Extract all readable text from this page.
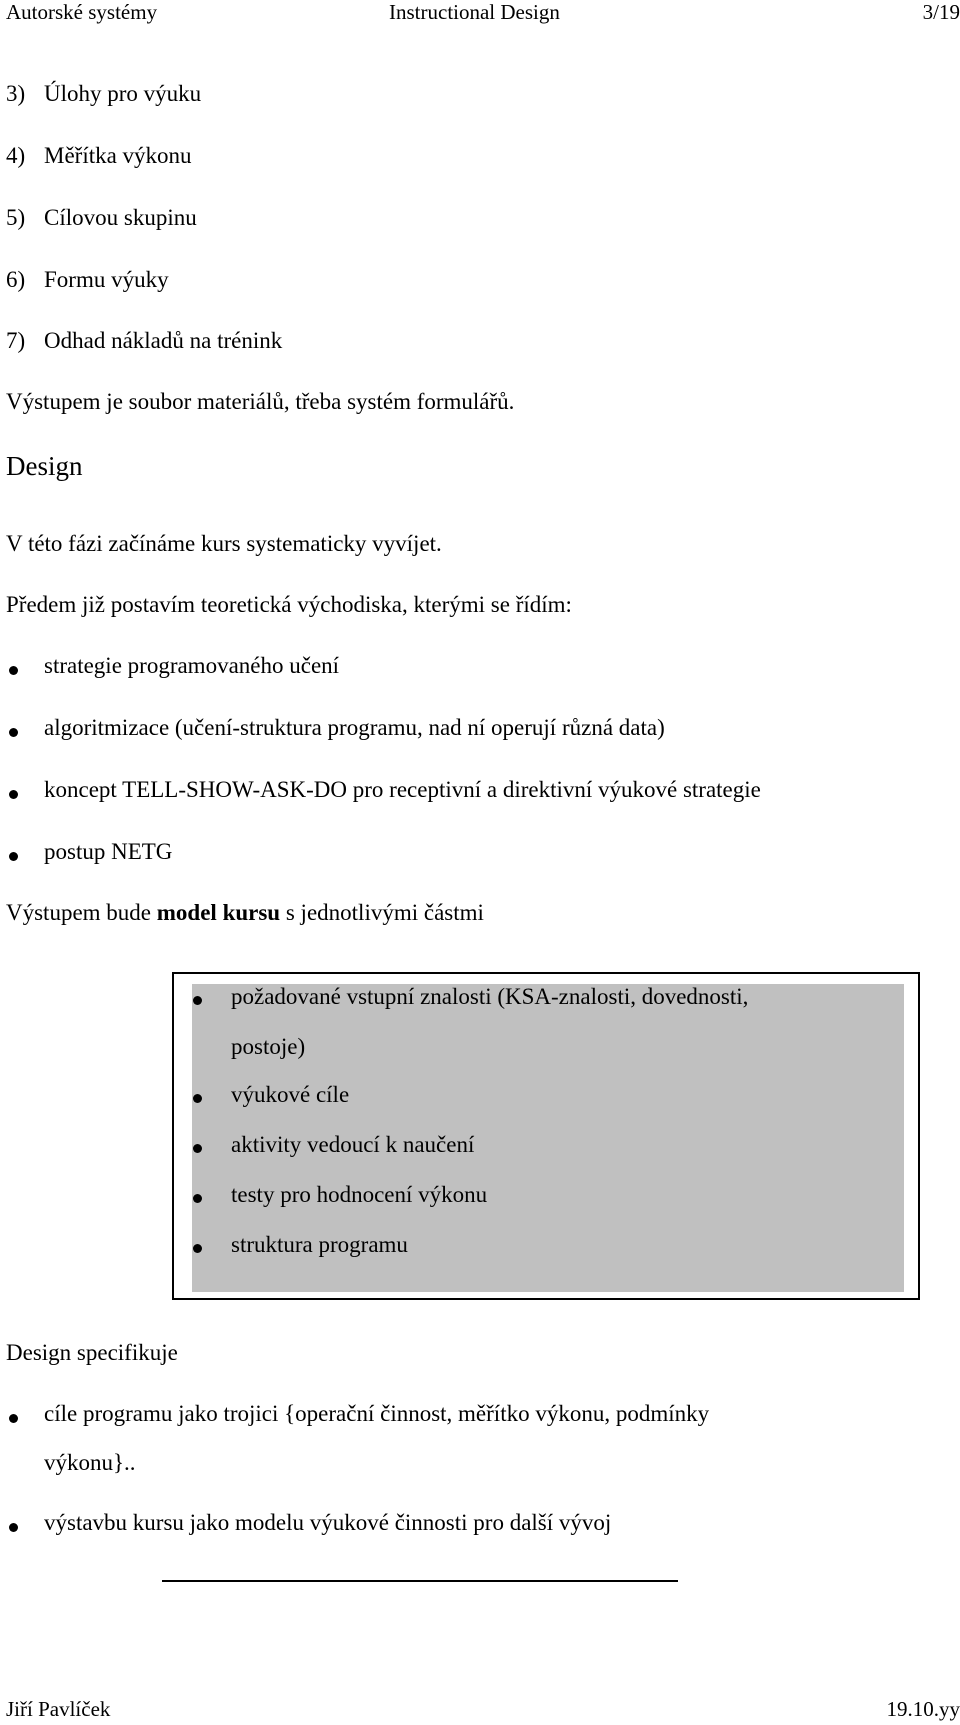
Autorské systémy	Instructional Design	3/19
3) Úlohy pro výuku
4) Měřítka výkonu
5) Cílovou skupinu
6) Formu výuky
7) Odhad nákladů na trénink
Výstupem je soubor materiálů, třeba systém formulářů.
Design
V této fázi začínáme kurs systematicky vyvíjet.
Předem již postavím teoretická východiska, kterými se řídím:
strategie programovaného učení
algoritmizace (učení-struktura programu, nad ní operují různá data)
koncept TELL-SHOW-ASK-DO pro receptivní a direktivní výukové strategie
postup NETG
Výstupem bude model kursu s jednotlivými částmi
požadované vstupní znalosti (KSA-znalosti, dovednosti,
postoje)
výukové cíle
aktivity vedoucí k naučení
testy pro hodnocení výkonu
struktura programu
Design specifikuje
cíle programu jako trojici {operační činnost, měřítko výkonu, podmínky
výkonu}..
výstavbu kursu jako modelu výukové činnosti pro další vývoj
Jiří Pavlíček	19.10.yy
